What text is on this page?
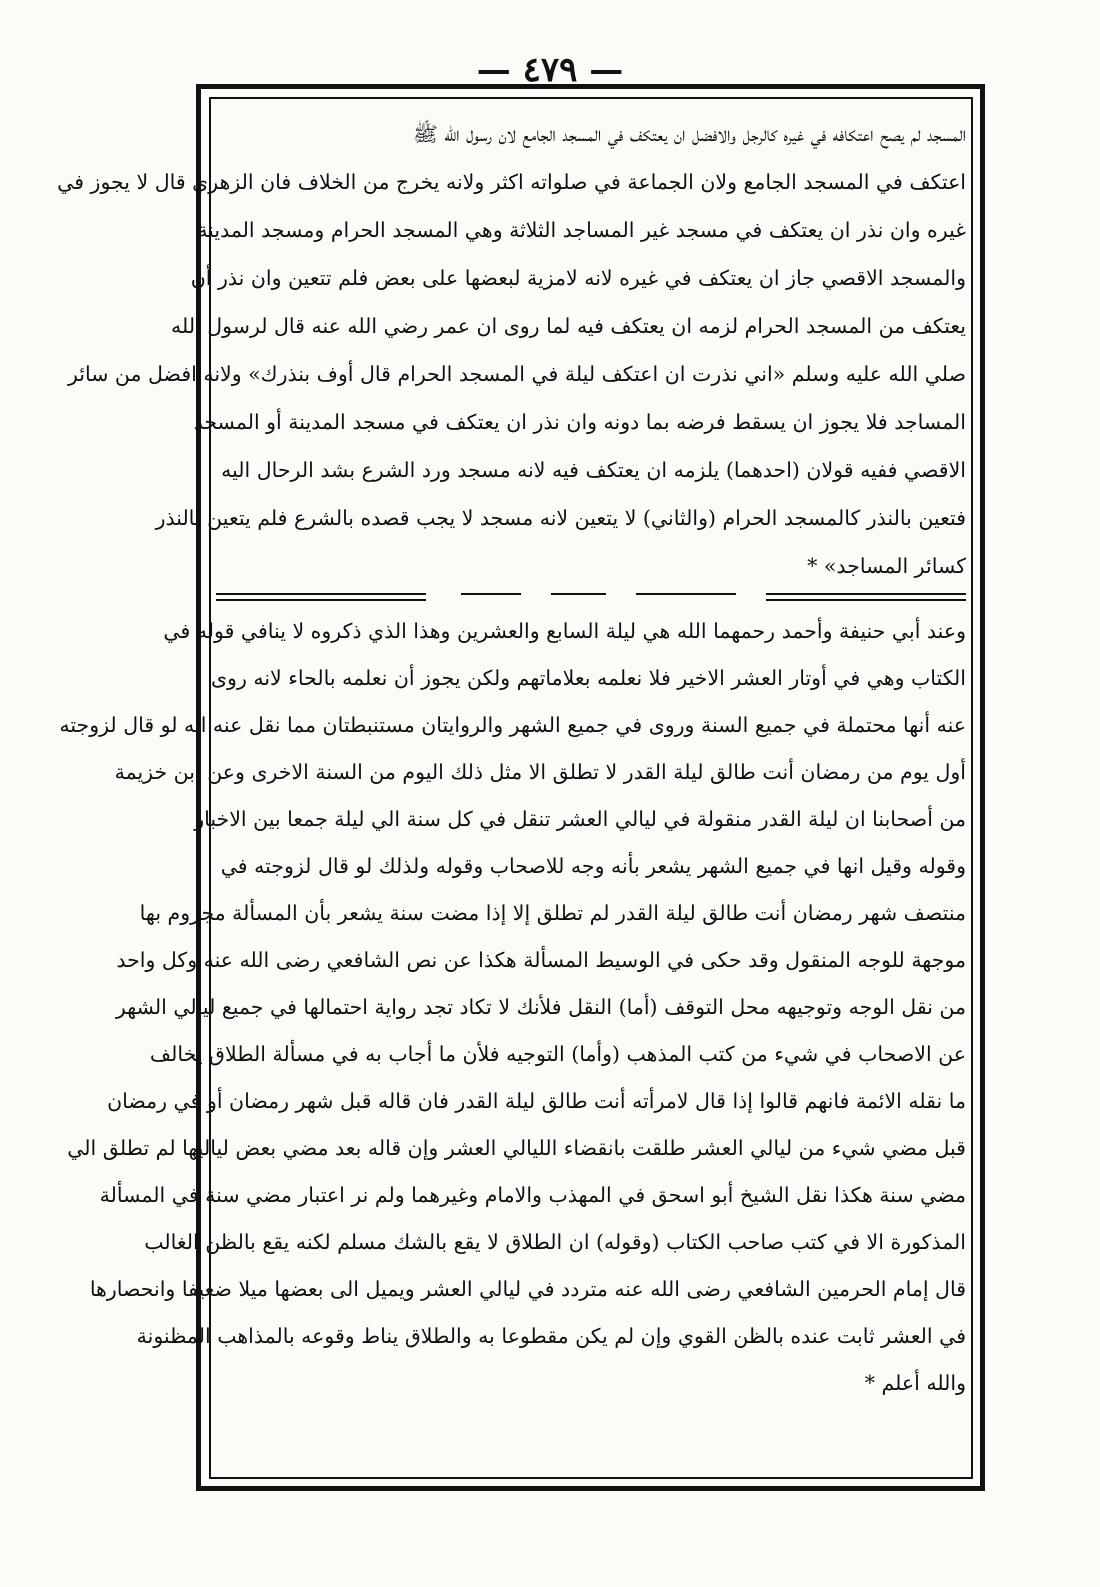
— ٤٧٩ —
المسجد لم يصح اعتكافه في غيره كالرجل والافضل ان يعتكف في المسجد الجامع لان رسول الله ﷺ
اعتكف في المسجد الجامع ولان الجماعة في صلواته اكثر ولانه يخرج من الخلاف فان الزهري قال لا يجوز في
غيره وان نذر ان يعتكف في مسجد غير المساجد الثلاثة وهي المسجد الحرام ومسجد المدينة
والمسجد الاقصي جاز ان يعتكف في غيره لانه لامزية لبعضها على بعض فلم تتعين وان نذر أن
يعتكف من المسجد الحرام لزمه ان يعتكف فيه لما روى ان عمر رضي الله عنه قال لرسول الله
صلي الله عليه وسلم «اني نذرت ان اعتكف ليلة في المسجد الحرام قال أوف بنذرك» ولانه افضل من سائر
المساجد فلا يجوز ان يسقط فرضه بما دونه وان نذر ان يعتكف في مسجد المدينة أو المسجد
الاقصي ففيه قولان (احدهما) يلزمه ان يعتكف فيه لانه مسجد ورد الشرع بشد الرحال اليه
فتعين بالنذر كالمسجد الحرام (والثاني) لا يتعين لانه مسجد لا يجب قصده بالشرع فلم يتعين بالنذر
كسائر المساجد» *
وعند أبي حنيفة وأحمد رحمهما الله هي ليلة السابع والعشرين وهذا الذي ذكروه لا ينافي قوله في
الكتاب وهي في أوتار العشر الاخير فلا نعلمه بعلاماتهم ولكن يجوز أن نعلمه بالحاء لانه روى
عنه أنها محتملة في جميع السنة وروى في جميع الشهر والروايتان مستنبطتان مما نقل عنه انه لو قال لزوجته
أول يوم من رمضان أنت طالق ليلة القدر لا تطلق الا مثل ذلك اليوم من السنة الاخرى وعن ابن خزيمة
من أصحابنا ان ليلة القدر منقولة في ليالي العشر تنقل في كل سنة الي ليلة جمعا بين الاخبار
وقوله وقيل انها في جميع الشهر يشعر بأنه وجه للاصحاب وقوله ولذلك لو قال لزوجته في
منتصف شهر رمضان أنت طالق ليلة القدر لم تطلق إلا إذا مضت سنة يشعر بأن المسألة مجزوم بها
موجهة للوجه المنقول وقد حكى في الوسيط المسألة هكذا عن نص الشافعي رضى الله عنه وكل واحد
من نقل الوجه وتوجيهه محل التوقف (أما) النقل فلأنك لا تكاد تجد رواية احتمالها في جميع ليالي الشهر
عن الاصحاب في شيء من كتب المذهب (وأما) التوجيه فلأن ما أجاب به في مسألة الطلاق يخالف
ما نقله الائمة فانهم قالوا إذا قال لامرأته أنت طالق ليلة القدر فان قاله قبل شهر رمضان أو في رمضان
قبل مضي شيء من ليالي العشر طلقت بانقضاء الليالي العشر وإن قاله بعد مضي بعض لياليها لم تطلق الي
مضي سنة هكذا نقل الشيخ أبو اسحق في المهذب والامام وغيرهما ولم نر اعتبار مضي سنة في المسألة
المذكورة الا في كتب صاحب الكتاب (وقوله) ان الطلاق لا يقع بالشك مسلم لكنه يقع بالظن الغالب
قال إمام الحرمين الشافعي رضى الله عنه متردد في ليالي العشر ويميل الى بعضها ميلا ضعيفا وانحصارها
في العشر ثابت عنده بالظن القوي وإن لم يكن مقطوعا به والطلاق يناط وقوعه بالمذاهب المظنونة
والله أعلم *
